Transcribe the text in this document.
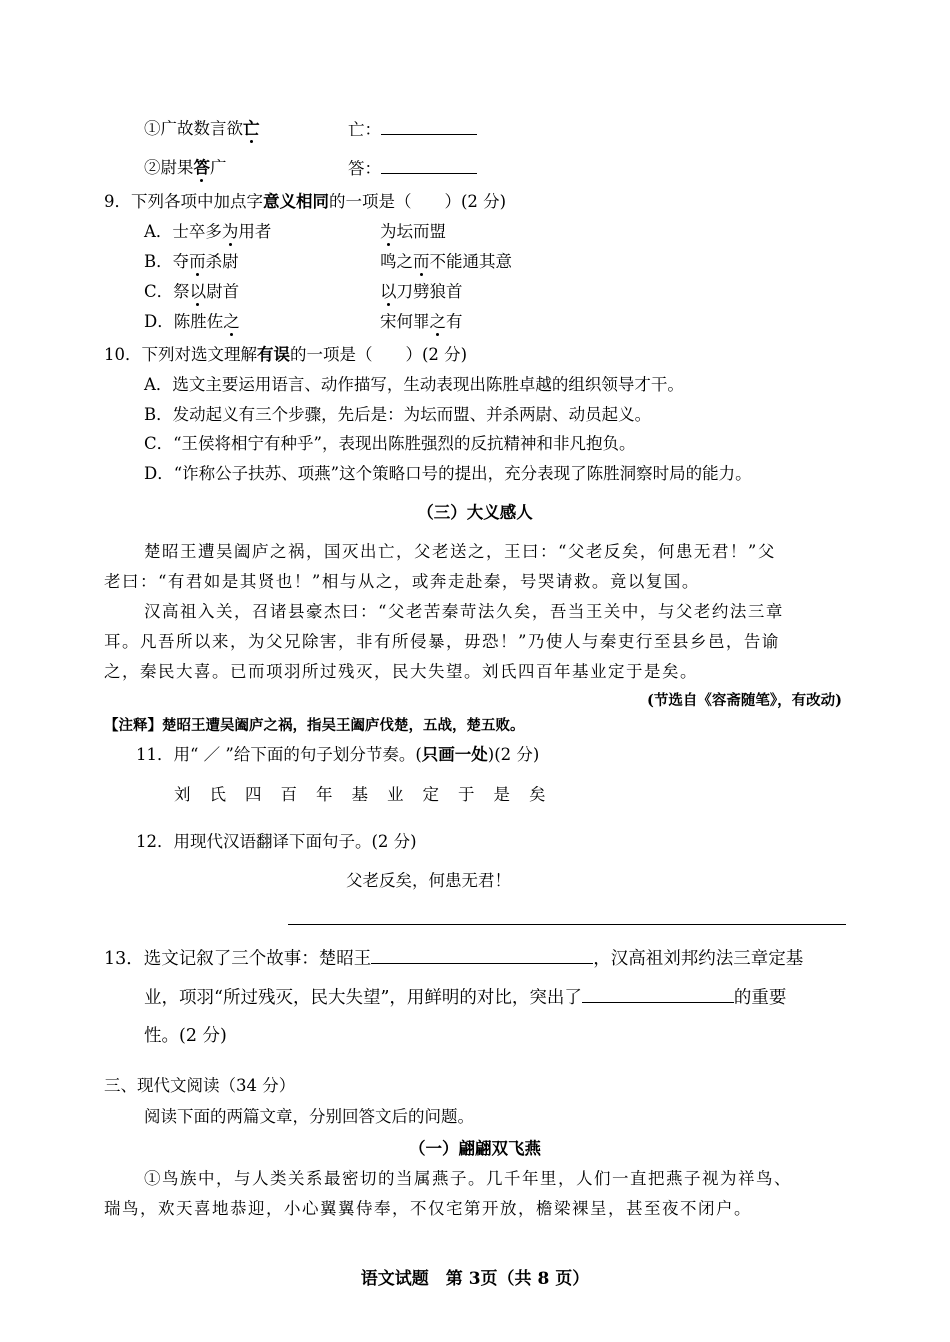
①广故数言欲亡	亡：
②尉果答广	答：
9．下列各项中加点字意义相同的一项是（　　）(2 分)
A．士卒多为用者	为坛而盟
B．夺而杀尉	鸣之而不能通其意
C．祭以尉首	以刀劈狼首
D．陈胜佐之	宋何罪之有
10．下列对选文理解有误的一项是（　　）(2 分)
A．选文主要运用语言、动作描写，生动表现出陈胜卓越的组织领导才干。
B．发动起义有三个步骤，先后是：为坛而盟、并杀两尉、动员起义。
C．“王侯将相宁有种乎”，表现出陈胜强烈的反抗精神和非凡抱负。
D．“诈称公子扶苏、项燕”这个策略口号的提出，充分表现了陈胜洞察时局的能力。
（三）大义感人
楚昭王遭吴阖庐之祸，国灭出亡，父老送之，王曰：“父老反矣，何患无君！”父
老曰：“有君如是其贤也！”相与从之，或奔走赴秦，号哭请救。竟以复国。
汉高祖入关，召诸县豪杰曰：“父老苦秦苛法久矣，吾当王关中，与父老约法三章
耳。凡吾所以来，为父兄除害，非有所侵暴，毋恐！”乃使人与秦吏行至县乡邑，告谕
之，秦民大喜。已而项羽所过残灭，民大失望。刘氏四百年基业定于是矣。
(节选自《容斋随笔》，有改动)
【注释】楚昭王遭吴阖庐之祸，指吴王阖庐伐楚，五战，楚五败。
11．用“ ／ ”给下面的句子划分节奏。(只画一处)(2 分)
刘氏四百年基业定于是矣
12．用现代汉语翻译下面句子。(2 分)
父老反矣，何患无君！
13．选文记叙了三个故事：楚昭王	，汉高祖刘邦约法三章定基
业，项羽“所过残灭，民大失望”，用鲜明的对比，突出了	的重要
性。(2 分)
三、现代文阅读（34 分）
阅读下面的两篇文章，分别回答文后的问题。
（一）翩翩双飞燕
①鸟族中，与人类关系最密切的当属燕子。几千年里，人们一直把燕子视为祥鸟、
瑞鸟，欢天喜地恭迎，小心翼翼侍奉，不仅宅第开放，檐梁裸呈，甚至夜不闭户。
语文试题　第 3页（共 8 页）
